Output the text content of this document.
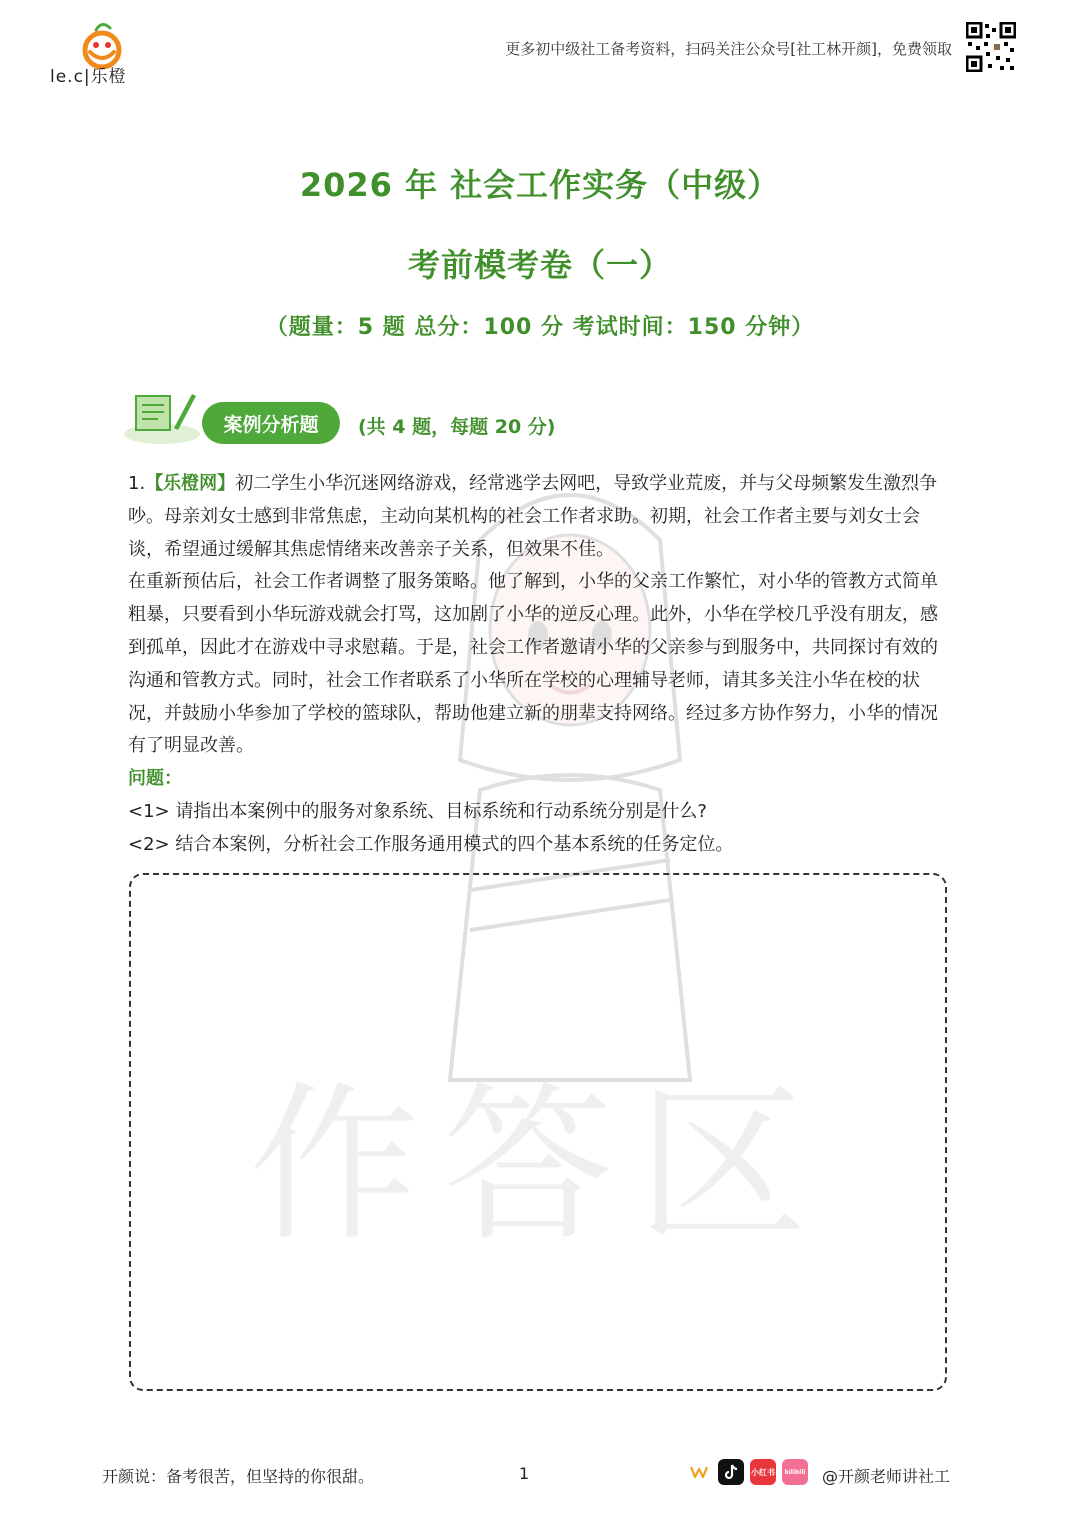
le.c|乐橙
更多初中级社工备考资料，扫码关注公众号[社工林开颜]，免费领取
作答区
2026 年 社会工作实务（中级）
考前模考卷（一）
（题量：5 题 总分：100 分 考试时间：150 分钟）
案例分析题	(共 4 题，每题 20 分)

1.【乐橙网】初二学生小华沉迷网络游戏，经常逃学去网吧，导致学业荒废，并与父母频繁发生激烈争吵。母亲刘女士感到非常焦虑，主动向某机构的社会工作者求助。初期，社会工作者主要与刘女士会谈，希望通过缓解其焦虑情绪来改善亲子关系，但效果不佳。

在重新预估后，社会工作者调整了服务策略。他了解到，小华的父亲工作繁忙，对小华的管教方式简单粗暴，只要看到小华玩游戏就会打骂，这加剧了小华的逆反心理。此外，小华在学校几乎没有朋友，感到孤单，因此才在游戏中寻求慰藉。于是，社会工作者邀请小华的父亲参与到服务中，共同探讨有效的沟通和管教方式。同时，社会工作者联系了小华所在学校的心理辅导老师，请其多关注小华在校的状况，并鼓励小华参加了学校的篮球队，帮助他建立新的朋辈支持网络。经过多方协作努力，小华的情况有了明显改善。

问题：

<1> 请指出本案例中的服务对象系统、目标系统和行动系统分别是什么?

<2> 结合本案例，分析社会工作服务通用模式的四个基本系统的任务定位。

开颜说：备考很苦，但坚持的你很甜。	1	小红书 bilibili @开颜老师讲社工
